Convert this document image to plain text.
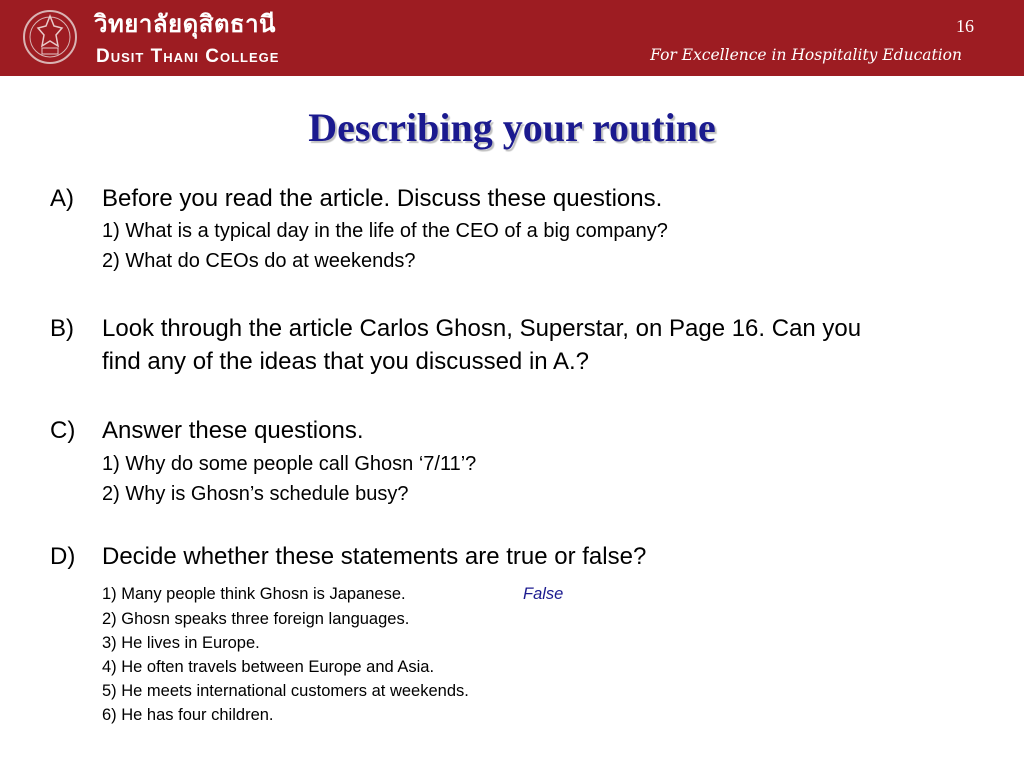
วิทยาลัยดุสิตธานี
Dusit Thani College
16
For Excellence in Hospitality Education
Describing your routine
A) Before you read the article. Discuss these questions.
1) What is a typical day in the life of the CEO of a big company?
2) What do CEOs do at weekends?
B) Look through the article Carlos Ghosn, Superstar, on Page 16. Can you
find any of the ideas that you discussed in A.?
C) Answer these questions.
1) Why do some people call Ghosn ‘7/11’?
2) Why is Ghosn’s schedule busy?
D) Decide whether these statements are true or false?
1) Many people think Ghosn is Japanese.	False
2) Ghosn speaks three foreign languages.
3) He lives in Europe.
4) He often travels between Europe and Asia.
5) He meets international customers at weekends.
6) He has four children.
